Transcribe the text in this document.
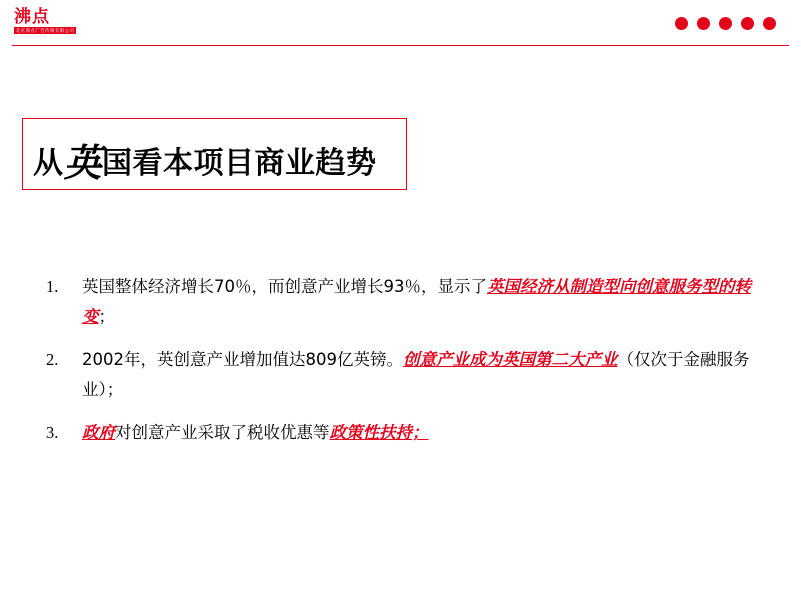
沸点
北京沸点广告传媒有限公司
从英国看本项目商业趋势
1.	英国整体经济增长70％，而创意产业增长93％，显示了英国经济从制造型向创意服务型的转变；
2.	2002年，英创意产业增加值达809亿英镑。创意产业成为英国第二大产业（仅次于金融服务业）；
3.	政府对创意产业采取了税收优惠等政策性扶持；
